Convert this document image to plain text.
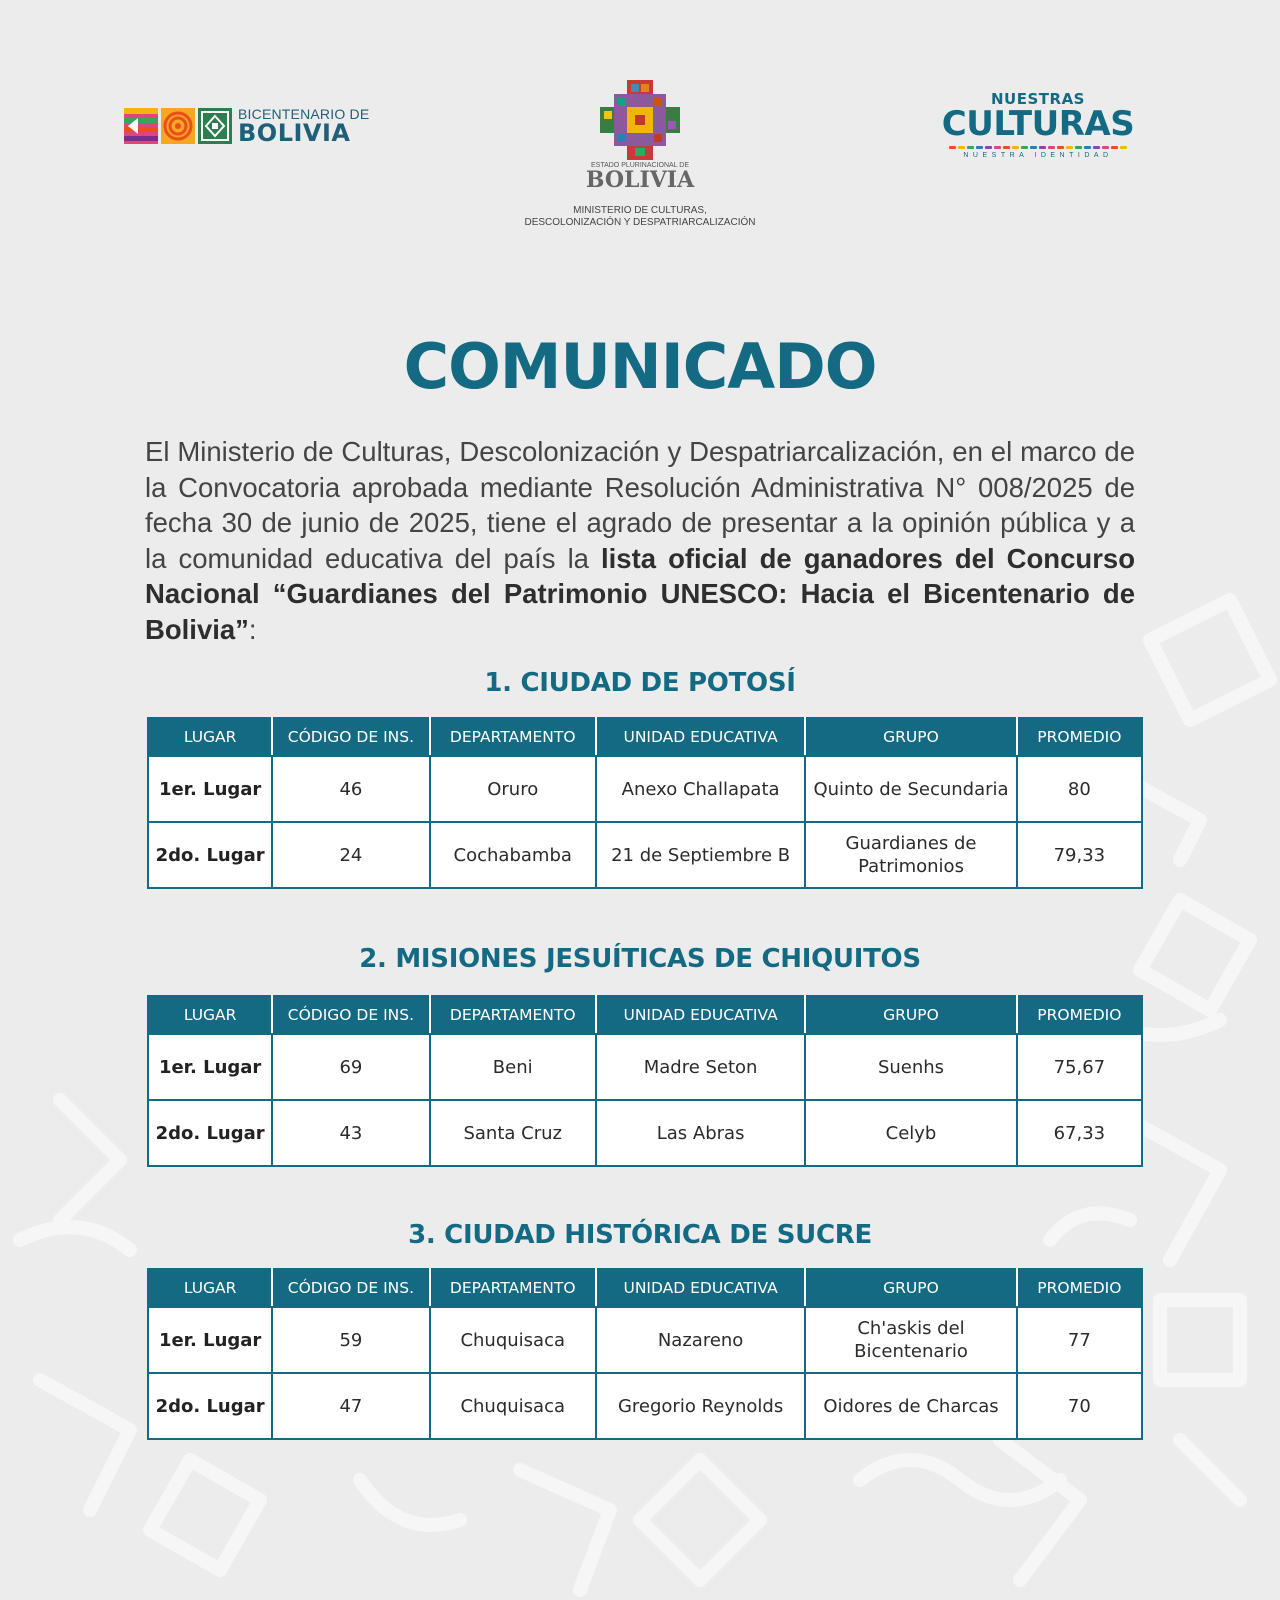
BICENTENARIO DE
BOLIVIA
ESTADO PLURINACIONAL DE
BOLIVIA
MINISTERIO DE CULTURAS,
DESCOLONIZACIÓN Y DESPATRIARCALIZACIÓN
NUESTRAS
CULTURAS
NUESTRA IDENTIDAD
COMUNICADO

El Ministerio de Culturas, Descolonización y Despatriarcalización, en el marco de la Convocatoria aprobada mediante Resolución Administrativa N° 008/2025 de fecha 30 de junio de 2025, tiene el agrado de presentar a la opinión pública y a la comunidad educativa del país la lista oficial de ganadores del Concurso Nacional “Guardianes del Patrimonio UNESCO: Hacia el Bicentenario de Bolivia”:

1. CIUDAD DE POTOSÍ
LUGAR	CÓDIGO DE INS.	DEPARTAMENTO	UNIDAD EDUCATIVA	GRUPO	PROMEDIO
1er. Lugar	46	Oruro	Anexo Challapata	Quinto de Secundaria	80
2do. Lugar	24	Cochabamba	21 de Septiembre B	Guardianes de Patrimonios	79,33
2. MISIONES JESUÍTICAS DE CHIQUITOS
LUGAR	CÓDIGO DE INS.	DEPARTAMENTO	UNIDAD EDUCATIVA	GRUPO	PROMEDIO
1er. Lugar	69	Beni	Madre Seton	Suenhs	75,67
2do. Lugar	43	Santa Cruz	Las Abras	Celyb	67,33
3. CIUDAD HISTÓRICA DE SUCRE
LUGAR	CÓDIGO DE INS.	DEPARTAMENTO	UNIDAD EDUCATIVA	GRUPO	PROMEDIO
1er. Lugar	59	Chuquisaca	Nazareno	Ch'askis del Bicentenario	77
2do. Lugar	47	Chuquisaca	Gregorio Reynolds	Oidores de Charcas	70
